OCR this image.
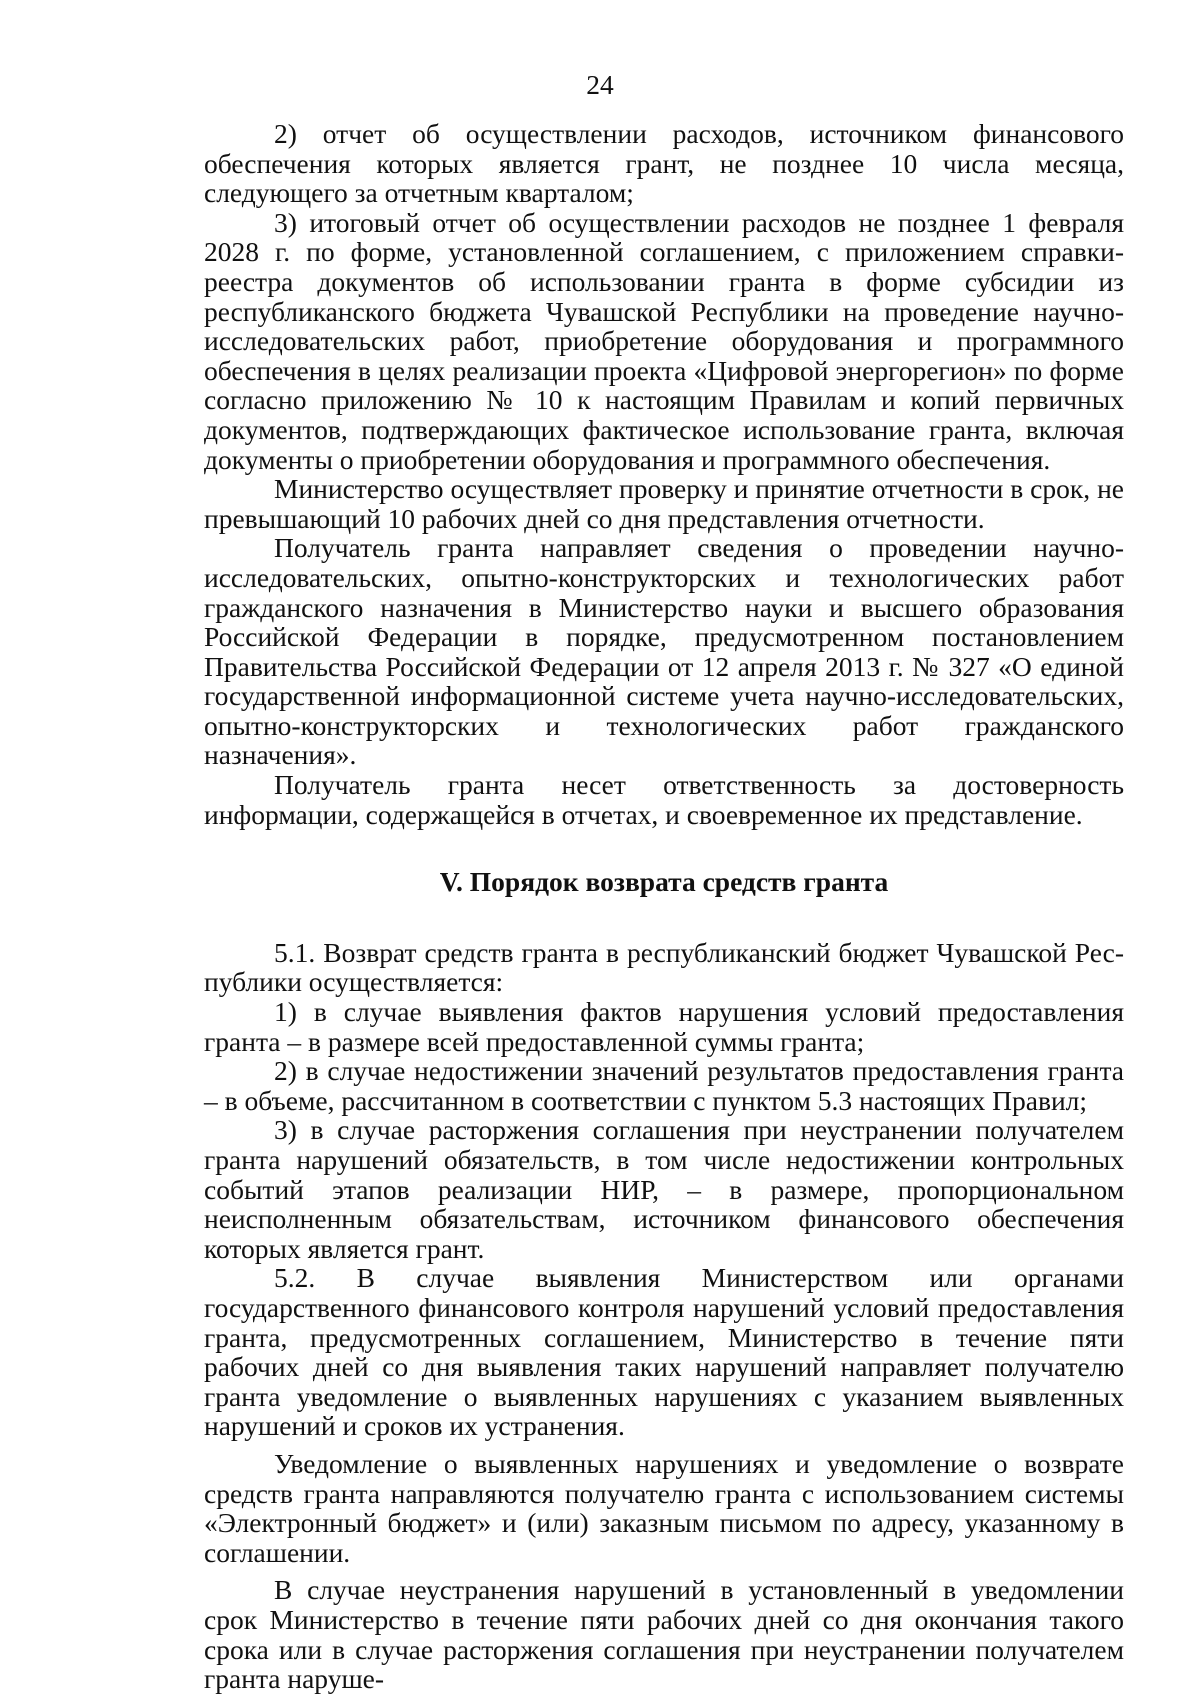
24

2) отчет об осуществлении расходов, источником финансового обеспечения которых является грант, не позднее 10 числа месяца, следующего за отчетным кварталом;

3) итоговый отчет об осуществлении расходов не позднее 1 февраля 2028 г. по форме, установленной соглашением, с приложением справки-реестра документов об использовании гранта в форме субсидии из республиканского бюджета Чувашской Республики на проведение научно-исследовательских работ, приобретение оборудования и программного обеспечения в целях реализации проекта «Цифровой энергорегион» по форме согласно приложению № 10 к настоящим Правилам и копий первичных документов, подтверждающих фактическое использование гранта, включая документы о приобретении оборудования и программного обеспечения.

Министерство осуществляет проверку и принятие отчетности в срок, не превышающий 10 рабочих дней со дня представления отчетности.

Получатель гранта направляет сведения о проведении научно-исследовательских, опытно-конструкторских и технологических работ гражданского назначения в Министерство науки и высшего образования Российской Федерации в порядке, предусмотренном постановлением Правительства Российской Федерации от 12 апреля 2013 г. № 327 «О единой государственной информационной системе учета научно-исследовательских, опытно-конструкторских и технологических работ гражданского назначения».

Получатель гранта несет ответственность за достоверность информации, содержащейся в отчетах, и своевременное их представление.

V. Порядок возврата средств гранта

5.1. Возврат средств гранта в республиканский бюджет Чувашской Республики осуществляется:

1) в случае выявления фактов нарушения условий предоставления гранта – в размере всей предоставленной суммы гранта;

2) в случае недостижении значений результатов предоставления гранта – в объеме, рассчитанном в соответствии с пунктом 5.3 настоящих Правил;

3) в случае расторжения соглашения при неустранении получателем гранта нарушений обязательств, в том числе недостижении контрольных событий этапов реализации НИР, – в размере, пропорциональном неисполненным обязательствам, источником финансового обеспечения которых является грант.

5.2. В случае выявления Министерством или органами государственного финансового контроля нарушений условий предоставления гранта, предусмотренных соглашением, Министерство в течение пяти рабочих дней со дня выявления таких нарушений направляет получателю гранта уведомление о выявленных нарушениях с указанием выявленных нарушений и сроков их устранения.

Уведомление о выявленных нарушениях и уведомление о возврате средств гранта направляются получателю гранта с использованием системы «Электронный бюджет» и (или) заказным письмом по адресу, указанному в соглашении.

В случае неустранения нарушений в установленный в уведомлении срок Министерство в течение пяти рабочих дней со дня окончания такого срока или в случае расторжения соглашения при неустранении получателем гранта наруше-
